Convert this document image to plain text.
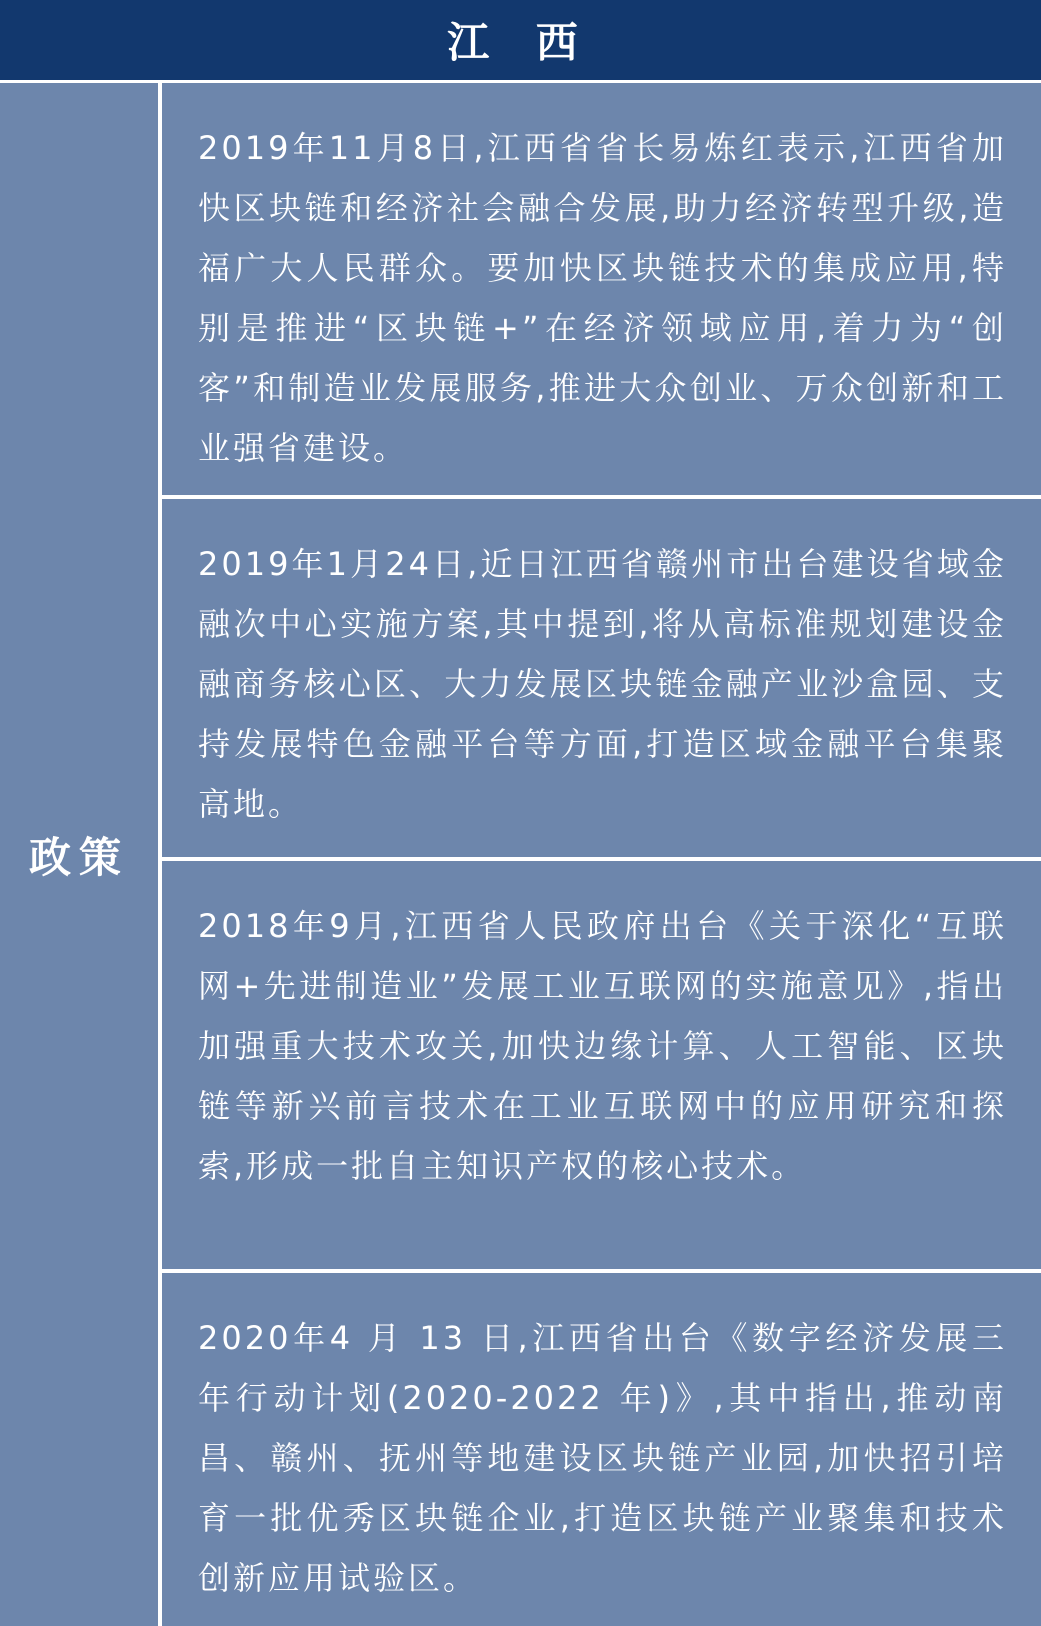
江 西
政策

2019年11月8日,江西省省长易炼红表示,江西省加快区块链和经济社会融合发展,助力经济转型升级,造福广大人民群众。要加快区块链技术的集成应用,特别是推进“区块链+”在经济领域应用,着力为“创客”和制造业发展服务,推进大众创业、万众创新和工业强省建设。

2019年1月24日,近日江西省赣州市出台建设省域金融次中心实施方案,其中提到,将从高标准规划建设金融商务核心区、大力发展区块链金融产业沙盒园、支持发展特色金融平台等方面,打造区域金融平台集聚高地。

2018年9月,江西省人民政府出台《关于深化“互联网+先进制造业”发展工业互联网的实施意见》,指出加强重大技术攻关,加快边缘计算、人工智能、区块链等新兴前言技术在工业互联网中的应用研究和探索,形成一批自主知识产权的核心技术。

2020年4 月 13 日,江西省出台《数字经济发展三年行动计划(2020-2022 年)》,其中指出,推动南昌、赣州、抚州等地建设区块链产业园,加快招引培育一批优秀区块链企业,打造区块链产业聚集和技术创新应用试验区。
